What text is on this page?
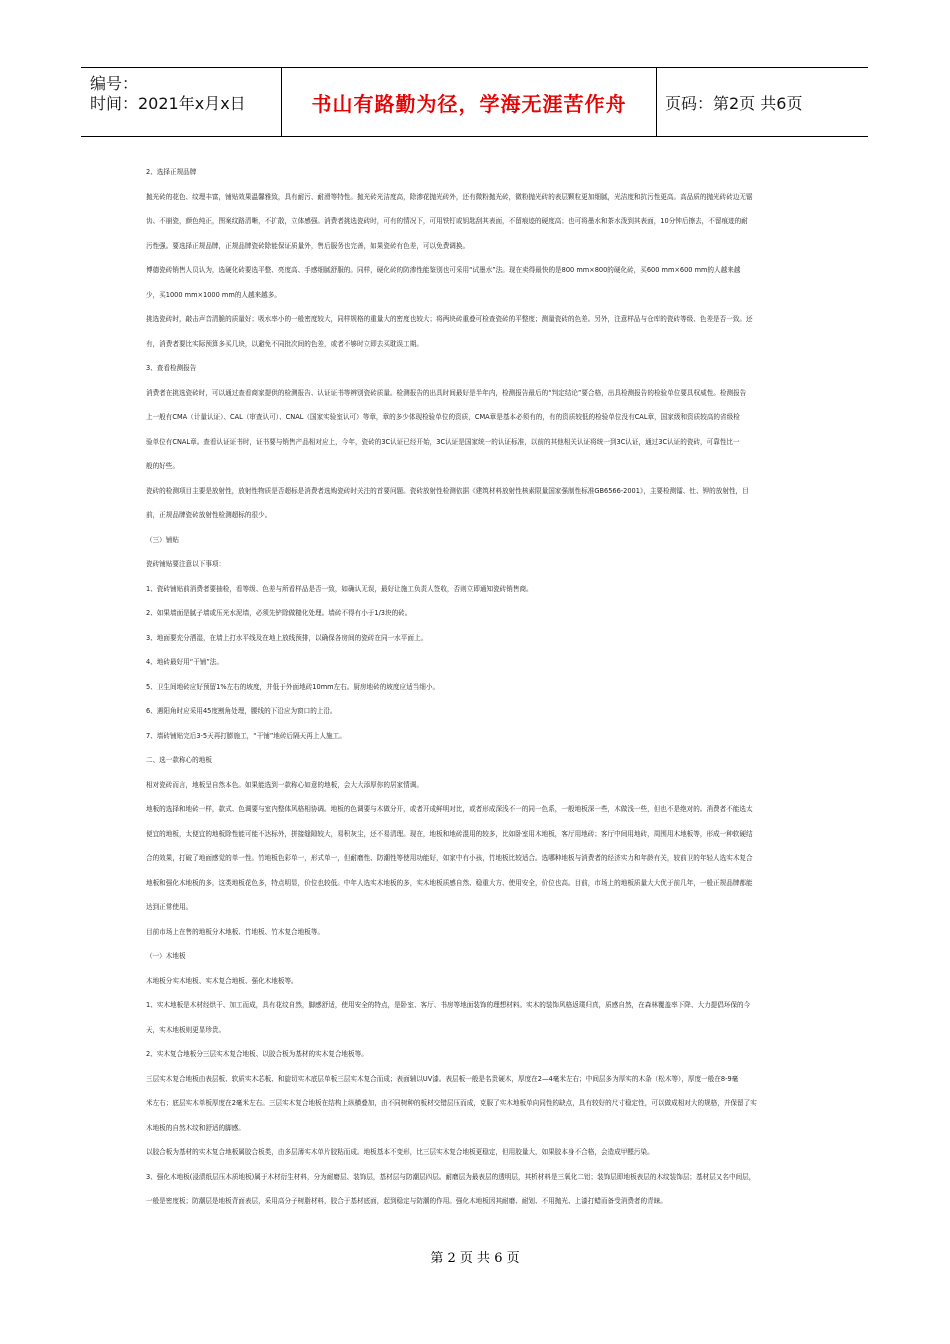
编号：
时间：2021年x月x日	书山有路勤为径，学海无涯苦作舟	页码：第2页 共6页

2、选择正规品牌

抛光砖的花色、纹理丰富，铺贴效果温馨雅致，具有耐污、耐滑等特性。抛光砖光洁度高，除渗花抛光砖外，还有微粉抛光砖，微粉抛光砖的表层颗粒更加细腻，光洁度和抗污性更高。高品质的抛光砖砖边无锯

齿、不崩瓷，颜色纯正，图案纹路清晰，不扩散，立体感强。消费者挑选瓷砖时，可有的情况下，可用铁钉或钥匙刮其表面，不留痕迹的硬度高；也可将墨水和茶水泼到其表面，10分钟后擦去，不留痕迹的耐

污性强。要选择正规品牌，正规品牌瓷砖除能保证质量外，售后服务也完善，如果瓷砖有色差，可以免费调换。

博德瓷砖销售人员认为，选硬化砖要选平整、亮度高、手感细腻舒服的。同样，硬化砖的防渗性能鉴别也可采用“试墨水”法。现在卖得最快的是800 mm×800的硬化砖，买600 mm×600 mm的人越来越

少，买1000 mm×1000 mm的人越来越多。

挑选瓷砖时，敲击声音清脆的质量好；吸水率小的一般密度较大，同样规格的重量大的密度也较大；将两块砖重叠可检查瓷砖的平整度；测量瓷砖的色差。另外，注意样品与仓库的瓷砖等级、色差是否一致。还

有，消费者要比实际预算多买几块，以避免不同批次间的色差，或者不够时立即去买耽误工期。

3、查看检测报告

消费者在挑选瓷砖时，可以通过查看商家提供的检测报告、认证证书等辨别瓷砖质量。检测报告的出具时间最好是半年内，检测报告最后的“判定结论”要合格，出具检测报告的检验单位要具权威性。检测报告

上一般有CMA（计量认证）、CAL（审查认可）、CNAL（国家实验室认可）等章，章的多少体现检验单位的资质，CMA章是基本必须有的，有的资质较低的检验单位没有CAL章，国家级和资质较高的省级检

验单位有CNAL章。查看认证证书时，证书要与销售产品相对应上，今年，瓷砖的3C认证已经开始，3C认证是国家统一的认证标准，以前的其他相关认证将统一到3C认证，通过3C认证的瓷砖，可靠性比一

般的好些。

瓷砖的检测项目主要是放射性，放射性物质是否超标是消费者选购瓷砖时关注的首要问题。瓷砖放射性检测依据《建筑材料放射性核素限量国家强制性标准GB6566-2001》，主要检测镭、钍、钾的放射性，目

前，正规品牌瓷砖放射性检测超标的很少。

（三）铺贴

瓷砖铺贴要注意以下事项：

1、瓷砖铺贴前消费者要抽检，看等级、色差与所看样品是否一致，如确认无误，最好让施工负责人签收，否则立即通知瓷砖销售商。

2、如果墙面是腻子墙或压光水泥墙，必须先铲除做糙化处理。墙砖不得有小于1/3块的砖。

3、地面要充分洒湿，在墙上打水平线及在地上放线预排，以确保各房间的瓷砖在同一水平面上。

4、地砖最好用“干铺”法。

5、卫生间地砖应好预留1%左右的坡度，并低于外面地砖10mm左右。厨房地砖的坡度应适当细小。

6、遇阳角时应采用45度割角处理，腰线的下沿应为窗口的上沿。

7、墙砖铺贴完后3-5天再打膨施工，“干铺”地砖后隔天再上人施工。

二、选一款称心的地板

相对瓷砖而言，地板呈自然本色。如果能选到一款称心如意的地板，会大大添厚你的居家情调。

地板的选择和地砖一样，款式、色调要与室内整体风格相协调。地板的色调要与木做分开，或者开成鲜明对比，或者形成深浅不一的同一色系，一般地板深一些，木做浅一些，但也不是绝对的。消费者不能选太

便宜的地板，太便宜的地板除性能可能不达标外，拼接缝隙较大，易积灰尘，还不易清理。现在，地板和地砖混用的较多，比如卧室用木地板，客厅用地砖；客厅中间用地砖，周围用木地板等，形成一种软硬结

合的效果，打破了地面感觉的单一性。竹地板色彩单一，形式单一，但耐磨性、防潮性等使用功能好，如家中有小孩，竹地板比较适合。选哪种地板与消费者的经济实力和年龄有关，较前卫的年轻人选实木复合

地板和强化木地板的多，这类地板花色多，特点明显，价位也较低。中年人选实木地板的多，实木地板质感自然、稳重大方、使用安全，价位也高。目前，市场上的地板质量大大优于前几年，一般正规品牌都能

达到正常使用。

目前市场上在售的地板分木地板、竹地板、竹木复合地板等。

（一）木地板

木地板分实木地板、实木复合地板、强化木地板等。

1、实木地板是木材经烘干、加工而成，具有花纹自然，脚感舒适，使用安全的特点，是卧室、客厅、书房等地面装饰的理想材料。实木的装饰风格返璞归真，质感自然，在森林覆盖率下降、大力提倡环保的今

天，实木地板则更显珍贵。

2、实木复合地板分三层实木复合地板、以胶合板为基材的实木复合地板等。

三层实木复合地板由表层板、软质实木芯板、和旋切实木底层单板三层实木复合而成；表面辅以UV漆。表层板一般是名贵硬木，厚度在2—4毫米左右；中间层多为厚实的木条（松木等），厚度一般在8-9毫

米左右；底层实木单板厚度在2毫米左右。三层实木复合地板在结构上纵横叠加，由不同树种的板材交错层压而成，克服了实木地板单向同性的缺点，具有较好的尺寸稳定性，可以做成相对大的规格，并保留了实

木地板的自然木纹和舒适的脚感。

以胶合板为基材的实木复合地板属胶合板类，由多层薄实木单片胶粘而成。地板基本不变形，比三层实木复合地板更稳定，但用胶量大，如果胶本身不合格，会造成甲醛污染。

3、强化木地板(浸渍纸层压木质地板)属于木材衍生材料，分为耐磨层、装饰层，基材层与防潮层四层。耐磨层为最表层的透明层，其析材料是三氧化二铝；装饰层即地板表层的木纹装饰层；基材层又名中间层，

一般是密度板；防潮层是地板背面表层，采用高分子树脂材料，胶合于基材底面，起到稳定与防潮的作用。强化木地板因其耐磨、耐划、不用抛光、上漆打蜡而备受消费者的青睐。

第 2 页 共 6 页
